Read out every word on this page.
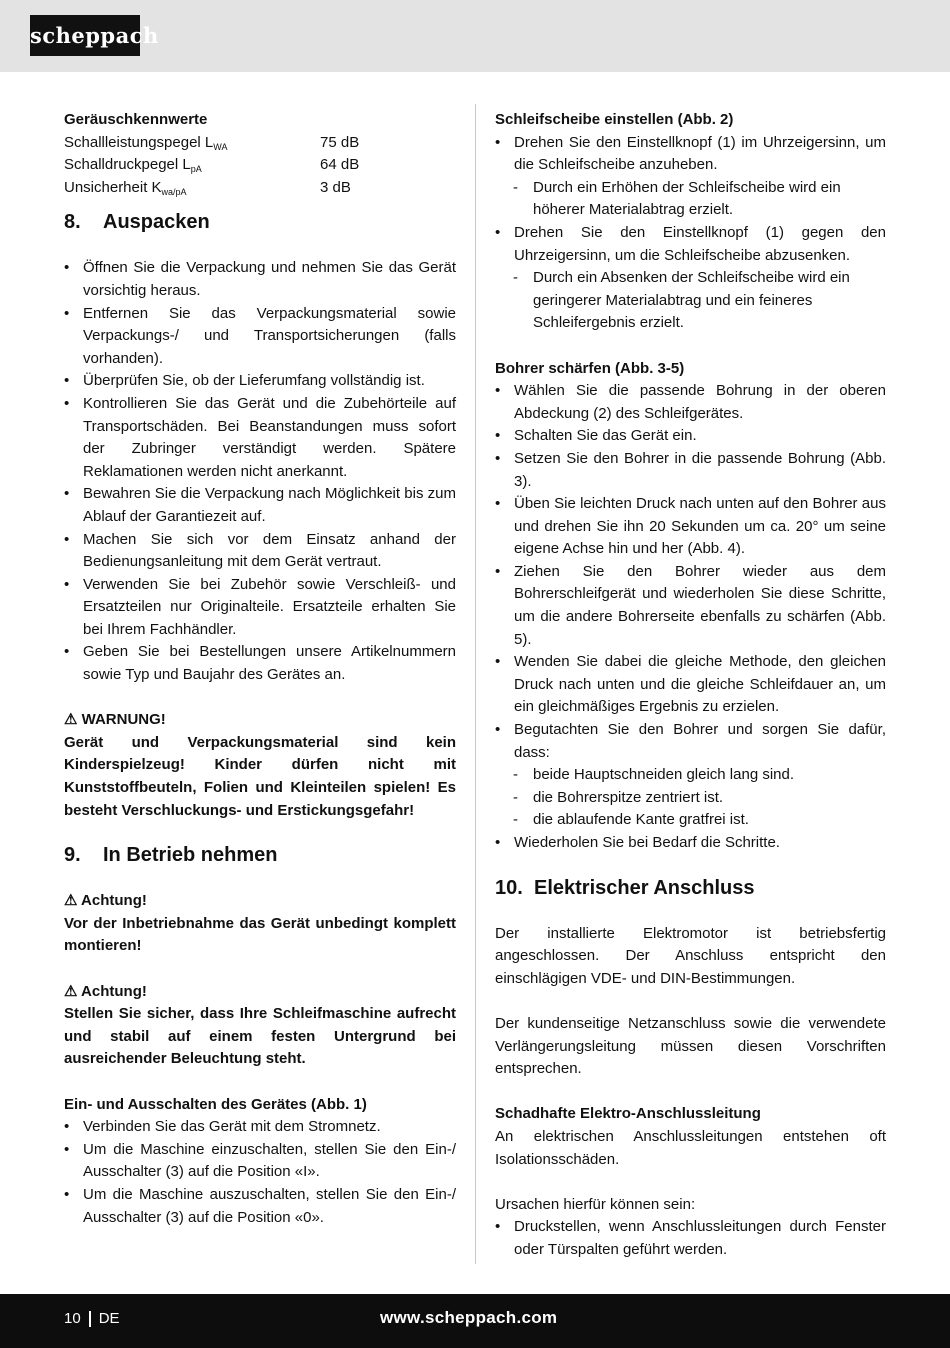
scheppach
Geräuschkennwerte
Schallleistungspegel $L_{WA}$	75 dB
Schalldruckpegel $L_{pA}$	64 dB
Unsicherheit $K_{wa/pA}$	3 dB
8.	Auspacken
• Öffnen Sie die Verpackung und nehmen Sie das Gerät vorsichtig heraus.
• Entfernen Sie das Verpackungsmaterial sowie Verpackungs-/ und Transportsicherungen (falls vorhanden).
• Überprüfen Sie, ob der Lieferumfang vollständig ist.
• Kontrollieren Sie das Gerät und die Zubehörteile auf Transportschäden. Bei Beanstandungen muss sofort der Zubringer verständigt werden. Spätere Reklamationen werden nicht anerkannt.
• Bewahren Sie die Verpackung nach Möglichkeit bis zum Ablauf der Garantiezeit auf.
• Machen Sie sich vor dem Einsatz anhand der Bedienungsanleitung mit dem Gerät vertraut.
• Verwenden Sie bei Zubehör sowie Verschleiß- und Ersatzteilen nur Originalteile. Ersatzteile erhalten Sie bei Ihrem Fachhändler.
• Geben Sie bei Bestellungen unsere Artikelnummern sowie Typ und Baujahr des Gerätes an.
⚠ WARNUNG!
Gerät und Verpackungsmaterial sind kein Kinderspielzeug! Kinder dürfen nicht mit Kunststoffbeuteln, Folien und Kleinteilen spielen! Es besteht Verschluckungs- und Erstickungsgefahr!
9.	In Betrieb nehmen
⚠ Achtung!
Vor der Inbetriebnahme das Gerät unbedingt komplett montieren!
⚠ Achtung!
Stellen Sie sicher, dass Ihre Schleifmaschine aufrecht und stabil auf einem festen Untergrund bei ausreichender Beleuchtung steht.
Ein- und Ausschalten des Gerätes (Abb. 1)
• Verbinden Sie das Gerät mit dem Stromnetz.
• Um die Maschine einzuschalten, stellen Sie den Ein-/ Ausschalter (3) auf die Position «I».
• Um die Maschine auszuschalten, stellen Sie den Ein-/ Ausschalter (3) auf die Position «0».
Schleifscheibe einstellen (Abb. 2)
• Drehen Sie den Einstellknopf (1) im Uhrzeigersinn, um die Schleifscheibe anzuheben.
- Durch ein Erhöhen der Schleifscheibe wird ein höherer Materialabtrag erzielt.
• Drehen Sie den Einstellknopf (1) gegen den Uhrzeigersinn, um die Schleifscheibe abzusenken.
- Durch ein Absenken der Schleifscheibe wird ein geringerer Materialabtrag und ein feineres Schleifergebnis erzielt.
Bohrer schärfen (Abb. 3-5)
• Wählen Sie die passende Bohrung in der oberen Abdeckung (2) des Schleifgerätes.
• Schalten Sie das Gerät ein.
• Setzen Sie den Bohrer in die passende Bohrung (Abb. 3).
• Üben Sie leichten Druck nach unten auf den Bohrer aus und drehen Sie ihn 20 Sekunden um ca. 20° um seine eigene Achse hin und her (Abb. 4).
• Ziehen Sie den Bohrer wieder aus dem Bohrerschleifgerät und wiederholen Sie diese Schritte, um die andere Bohrerseite ebenfalls zu schärfen (Abb. 5).
• Wenden Sie dabei die gleiche Methode, den gleichen Druck nach unten und die gleiche Schleifdauer an, um ein gleichmäßiges Ergebnis zu erzielen.
• Begutachten Sie den Bohrer und sorgen Sie dafür, dass:
- beide Hauptschneiden gleich lang sind.
- die Bohrerspitze zentriert ist.
- die ablaufende Kante gratfrei ist.
• Wiederholen Sie bei Bedarf die Schritte.
10. Elektrischer Anschluss
Der installierte Elektromotor ist betriebsfertig angeschlossen. Der Anschluss entspricht den einschlägigen VDE- und DIN-Bestimmungen.
Der kundenseitige Netzanschluss sowie die verwendete Verlängerungsleitung müssen diesen Vorschriften entsprechen.
Schadhafte Elektro-Anschlussleitung
An elektrischen Anschlussleitungen entstehen oft Isolationsschäden.
Ursachen hierfür können sein:
• Druckstellen, wenn Anschlussleitungen durch Fenster oder Türspalten geführt werden.
10 DE	www.scheppach.com
